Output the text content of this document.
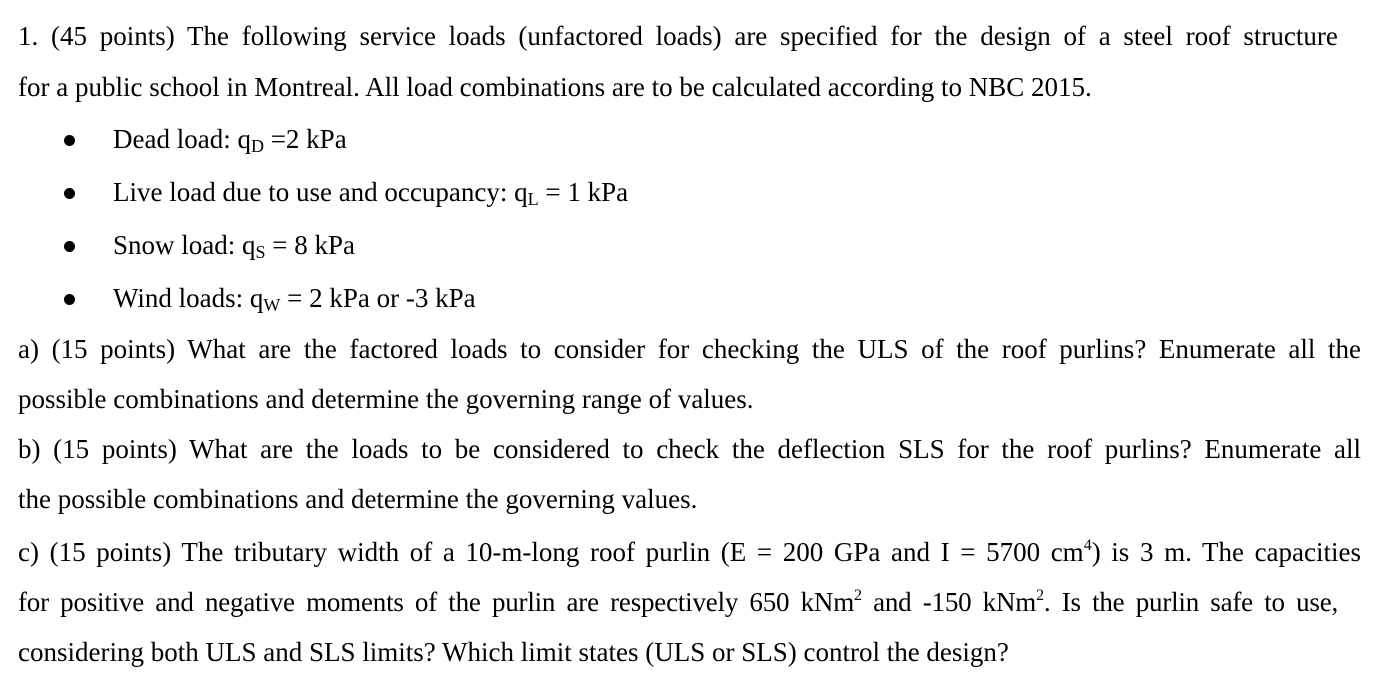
1. (45 points) The following service loads (unfactored loads) are specified for the design of a steel roof structure
for a public school in Montreal. All load combinations are to be calculated according to NBC 2015.
Dead load: $q_D =2$ kPa
Live load due to use and occupancy: $q_L = 1$ kPa
Snow load: $q_S = 8$ kPa
Wind loads: $q_W = 2$ kPa or -3 kPa
a) (15 points) What are the factored loads to consider for checking the ULS of the roof purlins? Enumerate all the
possible combinations and determine the governing range of values.
b) (15 points) What are the loads to be considered to check the deflection SLS for the roof purlins? Enumerate all
the possible combinations and determine the governing values.
c) (15 points) The tributary width of a 10-m-long roof purlin (E = 200 GPa and I = 5700 $cm^4$) is 3 m. The capacities
for positive and negative moments of the purlin are respectively 650 kNm$^2$ and -150 kNm$^2$. Is the purlin safe to use,
considering both ULS and SLS limits? Which limit states (ULS or SLS) control the design?
